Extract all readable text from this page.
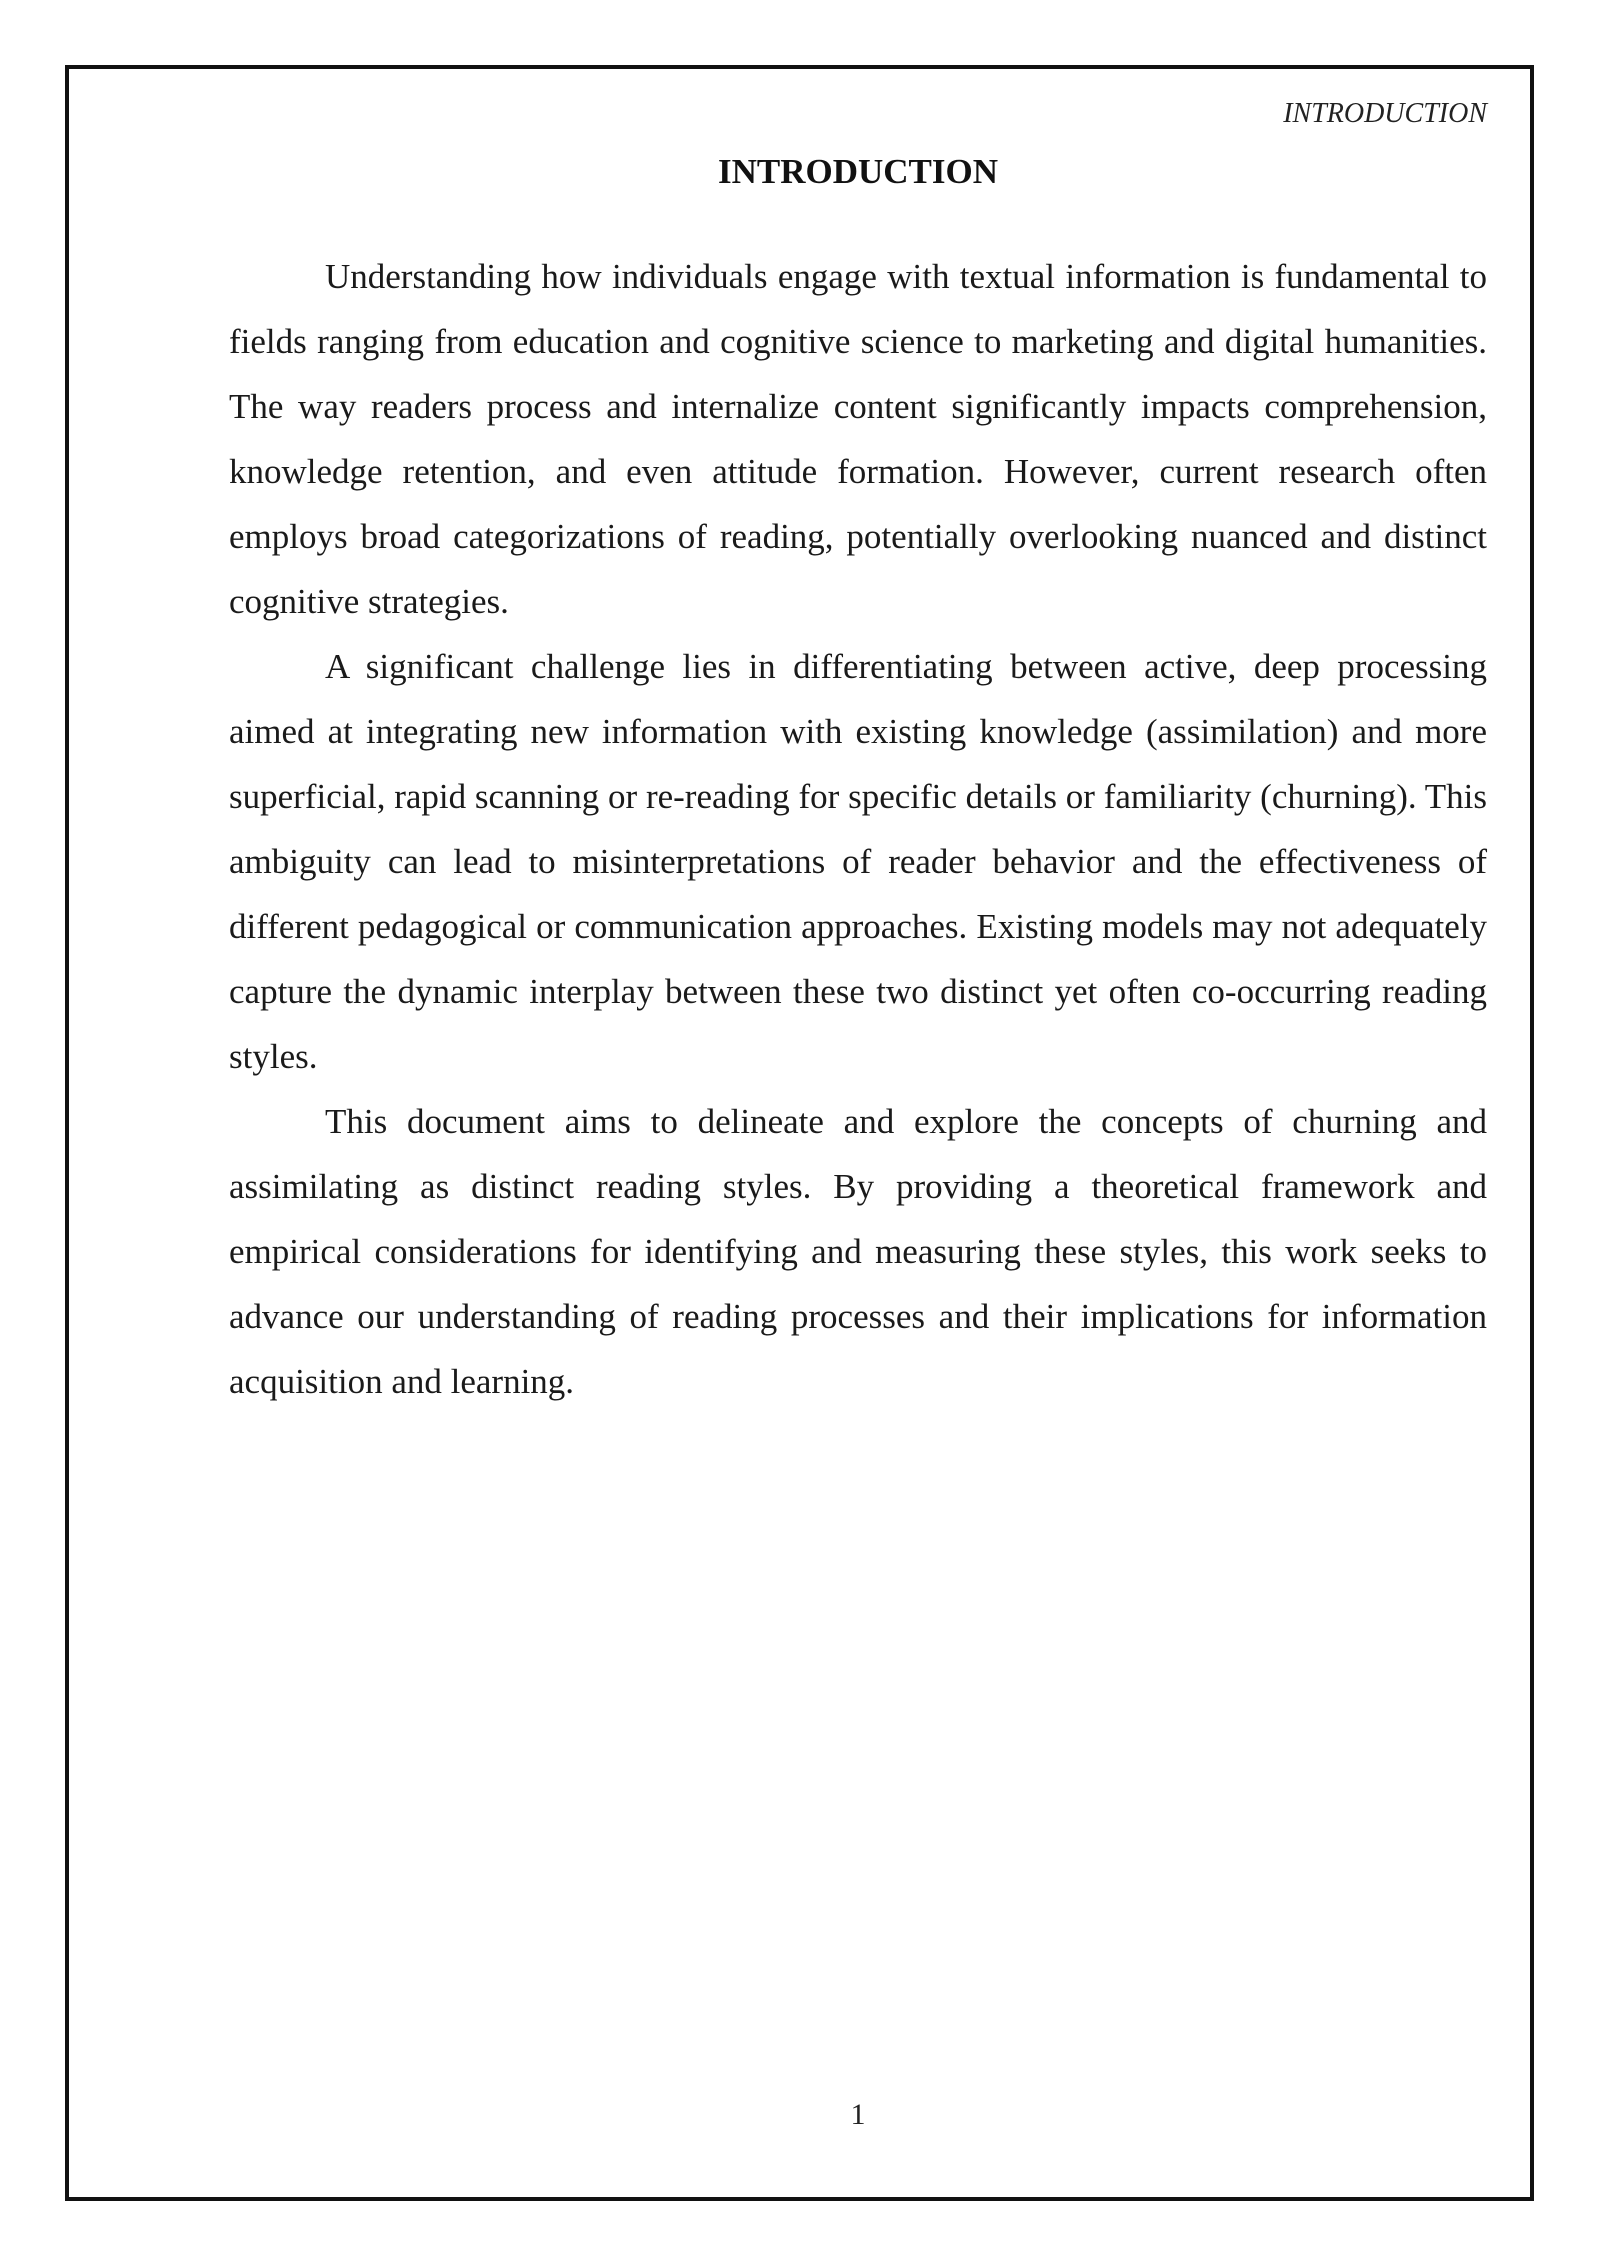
INTRODUCTION
INTRODUCTION

Understanding how individuals engage with textual information is fundamental to fields ranging from education and cognitive science to marketing and digital humanities. The way readers process and internalize content significantly impacts comprehension, knowledge retention, and even attitude formation. However, current research often employs broad categorizations of reading, potentially overlooking nuanced and distinct cognitive strategies.

A significant challenge lies in differentiating between active, deep processing aimed at integrating new information with existing knowledge (assimilation) and more superficial, rapid scanning or re-reading for specific details or familiarity (churning). This ambiguity can lead to misinterpretations of reader behavior and the effectiveness of different pedagogical or communication approaches. Existing models may not adequately capture the dynamic interplay between these two distinct yet often co-occurring reading styles.

This document aims to delineate and explore the concepts of churning and assimilating as distinct reading styles. By providing a theoretical framework and empirical considerations for identifying and measuring these styles, this work seeks to advance our understanding of reading processes and their implications for information acquisition and learning.

1
